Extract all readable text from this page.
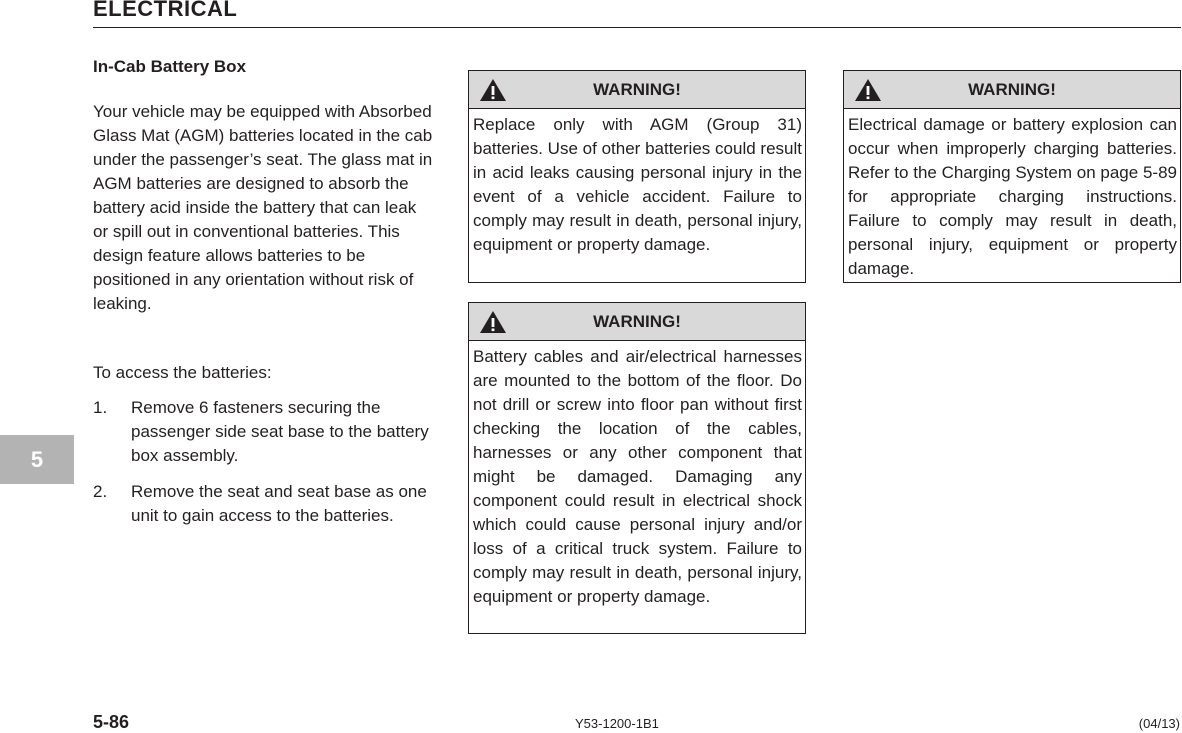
ELECTRICAL
In-Cab Battery Box
Your vehicle may be equipped with Absorbed Glass Mat (AGM) batteries located in the cab under the passenger’s seat. The glass mat in AGM batteries are designed to absorb the battery acid inside the battery that can leak or spill out in conventional batteries. This design feature allows batteries to be positioned in any orientation without risk of leaking.
To access the batteries:
1. Remove 6 fasteners securing the passenger side seat base to the battery box assembly.
2. Remove the seat and seat base as one unit to gain access to the batteries.
5
WARNING!
Replace only with AGM (Group 31) batteries. Use of other batteries could result in acid leaks causing personal injury in the event of a vehicle accident. Failure to comply may result in death, personal injury, equipment or property damage.
WARNING!
Electrical damage or battery explosion can occur when improperly charging batteries. Refer to the Charging System on page 5-89 for appropriate charging instructions. Failure to comply may result in death, personal injury, equipment or property damage.
WARNING!
Battery cables and air/electrical harnesses are mounted to the bottom of the floor. Do not drill or screw into floor pan without first checking the location of the cables, harnesses or any other component that might be damaged. Damaging any component could result in electrical shock which could cause personal injury and/or loss of a critical truck system. Failure to comply may result in death, personal injury, equipment or property damage.
5-86	Y53-1200-1B1	(04/13)
